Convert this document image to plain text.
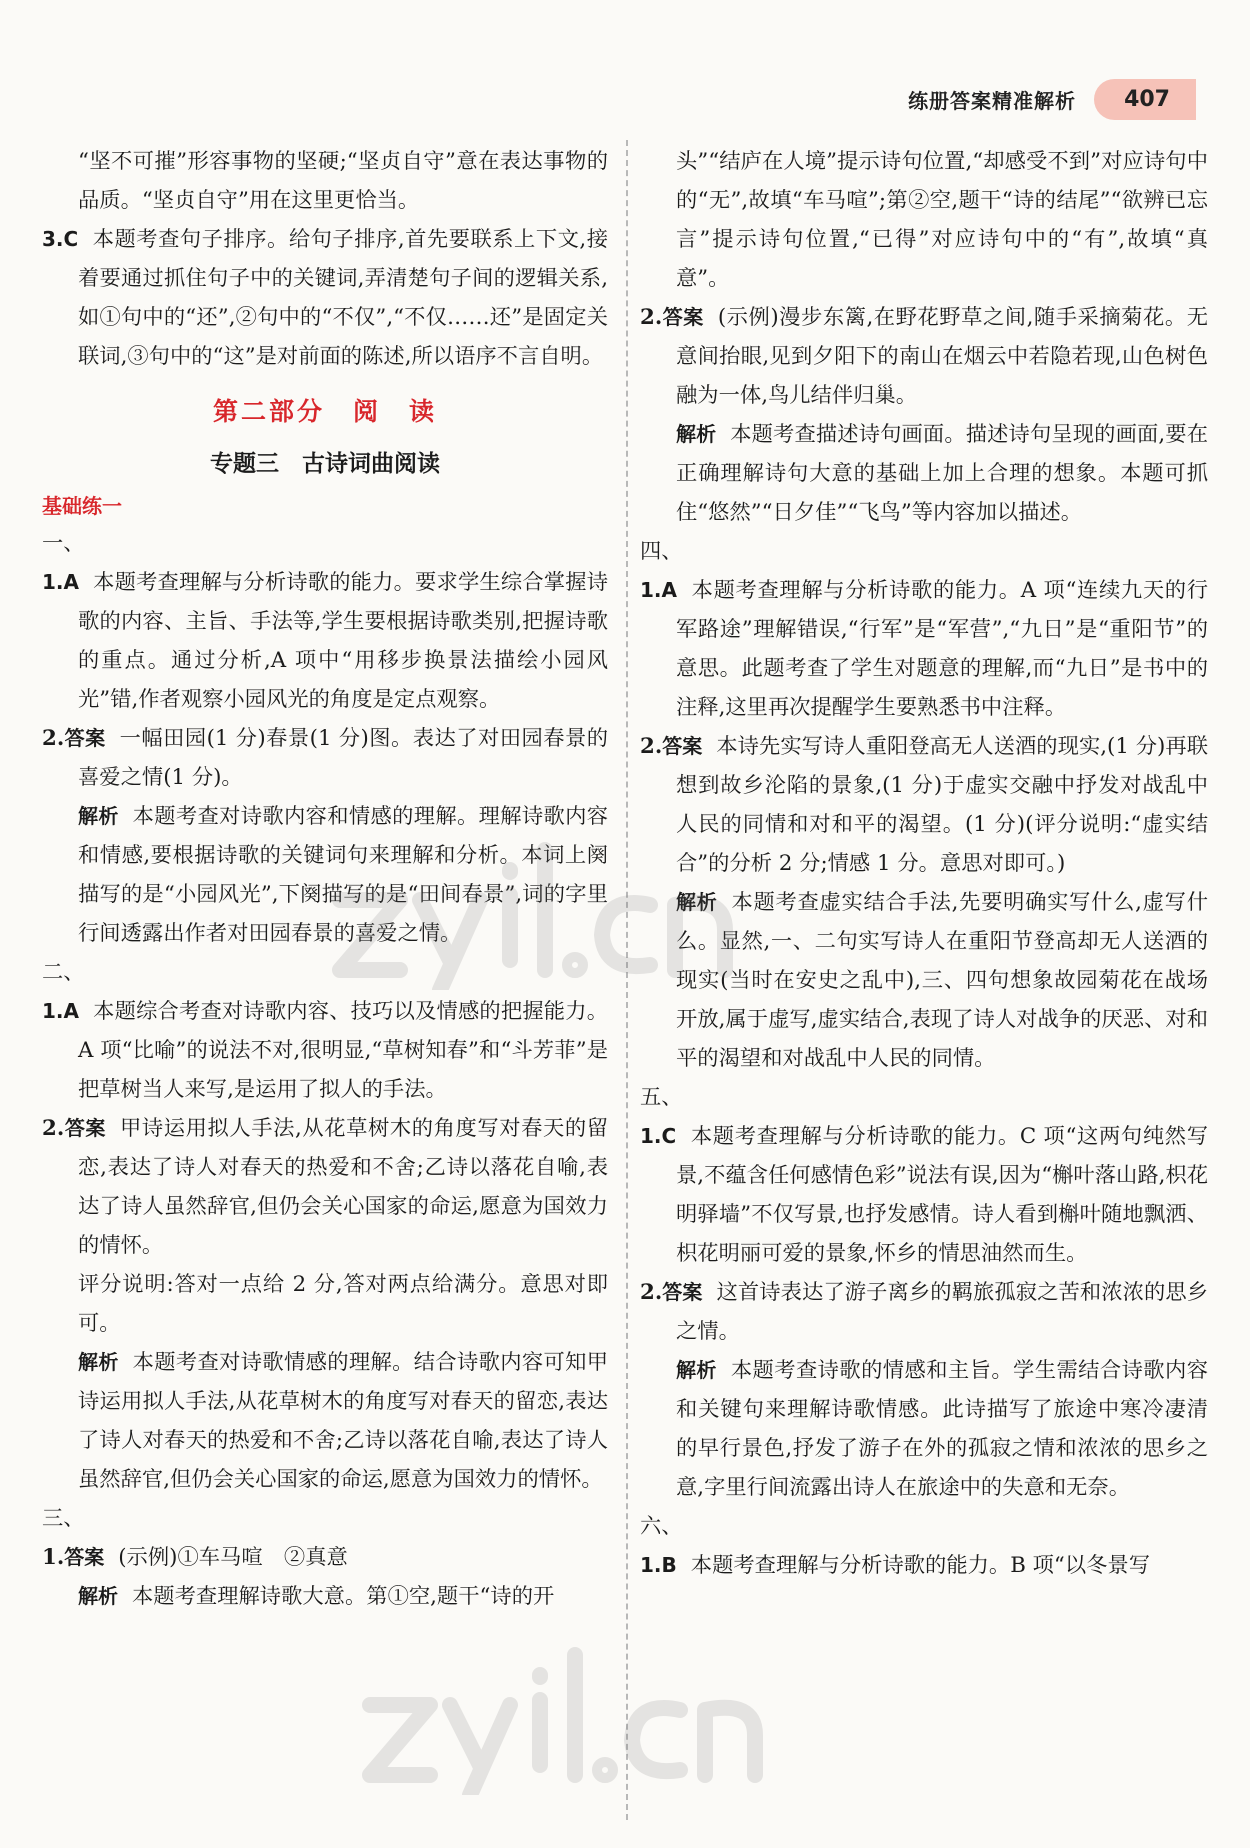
练册答案精准解析	407

“坚不可摧”形容事物的坚硬;“坚贞自守”意在表达事物的品质。“坚贞自守”用在这里更恰当。

3.C 本题考查句子排序。给句子排序,首先要联系上下文,接着要通过抓住句子中的关键词,弄清楚句子间的逻辑关系,如①句中的“还”,②句中的“不仅”,“不仅……还”是固定关联词,③句中的“这”是对前面的陈述,所以语序不言自明。

第二部分　阅　读

专题三　古诗词曲阅读

基础练一

一、

1.A 本题考查理解与分析诗歌的能力。要求学生综合掌握诗歌的内容、主旨、手法等,学生要根据诗歌类别,把握诗歌的重点。通过分析,A 项中“用移步换景法描绘小园风光”错,作者观察小园风光的角度是定点观察。

2.答案 一幅田园(1 分)春景(1 分)图。表达了对田园春景的喜爱之情(1 分)。

解析 本题考查对诗歌内容和情感的理解。理解诗歌内容和情感,要根据诗歌的关键词句来理解和分析。本词上阕描写的是“小园风光”,下阕描写的是“田间春景”,词的字里行间透露出作者对田园春景的喜爱之情。

二、

1.A 本题综合考查对诗歌内容、技巧以及情感的把握能力。A 项“比喻”的说法不对,很明显,“草树知春”和“斗芳菲”是把草树当人来写,是运用了拟人的手法。

2.答案 甲诗运用拟人手法,从花草树木的角度写对春天的留恋,表达了诗人对春天的热爱和不舍;乙诗以落花自喻,表达了诗人虽然辞官,但仍会关心国家的命运,愿意为国效力的情怀。

评分说明:答对一点给 2 分,答对两点给满分。意思对即可。

解析 本题考查对诗歌情感的理解。结合诗歌内容可知甲诗运用拟人手法,从花草树木的角度写对春天的留恋,表达了诗人对春天的热爱和不舍;乙诗以落花自喻,表达了诗人虽然辞官,但仍会关心国家的命运,愿意为国效力的情怀。

三、

1.答案 (示例)①车马喧　②真意

解析 本题考查理解诗歌大意。第①空,题干“诗的开

头”“结庐在人境”提示诗句位置,“却感受不到”对应诗句中的“无”,故填“车马喧”;第②空,题干“诗的结尾”“欲辨已忘言”提示诗句位置,“已得”对应诗句中的“有”,故填“真意”。

2.答案 (示例)漫步东篱,在野花野草之间,随手采摘菊花。无意间抬眼,见到夕阳下的南山在烟云中若隐若现,山色树色融为一体,鸟儿结伴归巢。

解析 本题考查描述诗句画面。描述诗句呈现的画面,要在正确理解诗句大意的基础上加上合理的想象。本题可抓住“悠然”“日夕佳”“飞鸟”等内容加以描述。

四、

1.A 本题考查理解与分析诗歌的能力。A 项“连续九天的行军路途”理解错误,“行军”是“军营”,“九日”是“重阳节”的意思。此题考查了学生对题意的理解,而“九日”是书中的注释,这里再次提醒学生要熟悉书中注释。

2.答案 本诗先实写诗人重阳登高无人送酒的现实,(1 分)再联想到故乡沦陷的景象,(1 分)于虚实交融中抒发对战乱中人民的同情和对和平的渴望。(1 分)(评分说明:“虚实结合”的分析 2 分;情感 1 分。意思对即可。)

解析 本题考查虚实结合手法,先要明确实写什么,虚写什么。显然,一、二句实写诗人在重阳节登高却无人送酒的现实(当时在安史之乱中),三、四句想象故园菊花在战场开放,属于虚写,虚实结合,表现了诗人对战争的厌恶、对和平的渴望和对战乱中人民的同情。

五、

1.C 本题考查理解与分析诗歌的能力。C 项“这两句纯然写景,不蕴含任何感情色彩”说法有误,因为“槲叶落山路,枳花明驿墙”不仅写景,也抒发感情。诗人看到槲叶随地飘洒、枳花明丽可爱的景象,怀乡的情思油然而生。

2.答案 这首诗表达了游子离乡的羁旅孤寂之苦和浓浓的思乡之情。

解析 本题考查诗歌的情感和主旨。学生需结合诗歌内容和关键句来理解诗歌情感。此诗描写了旅途中寒冷凄清的早行景色,抒发了游子在外的孤寂之情和浓浓的思乡之意,字里行间流露出诗人在旅途中的失意和无奈。

六、

1.B 本题考查理解与分析诗歌的能力。B 项“以冬景写
